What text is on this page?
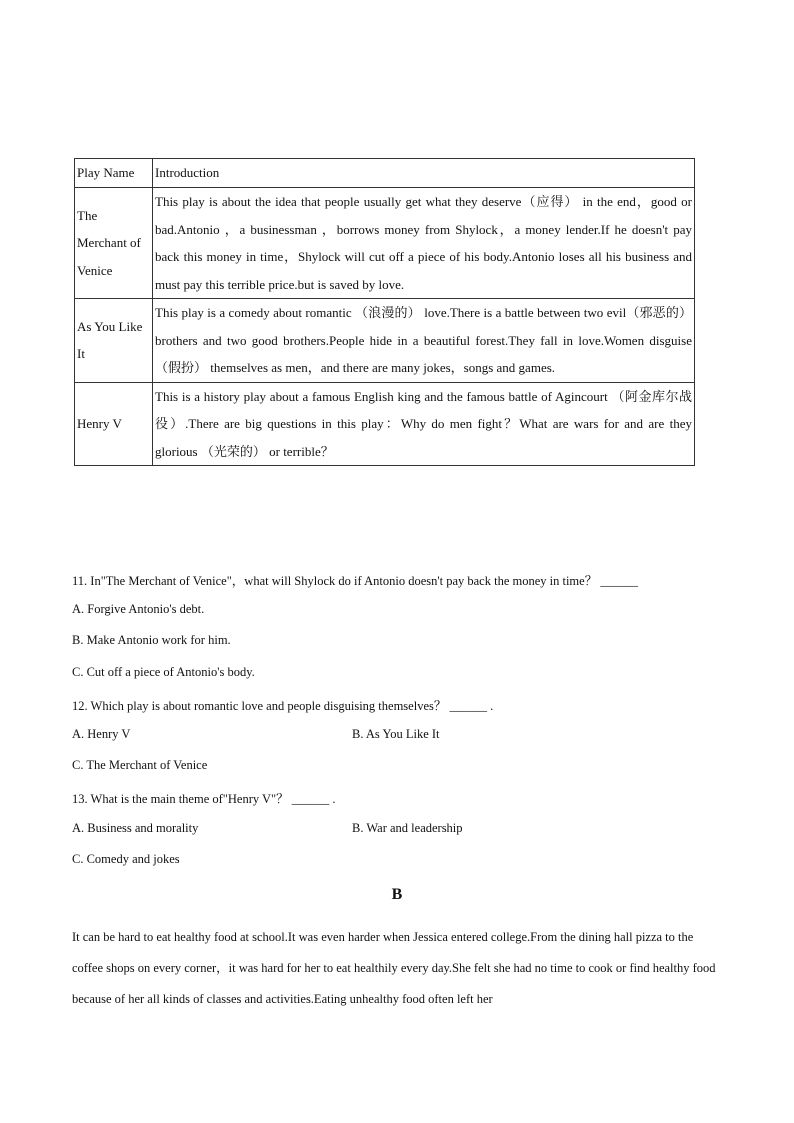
Play Name	Introduction
The Merchant of Venice	This play is about the idea that people usually get what they deserve（应得） in the end，good or bad.Antonio ，a businessman ，borrows money from Shylock，a money lender.If he doesn't pay back this money in time，Shylock will cut off a piece of his body.Antonio loses all his business and must pay this terrible price.but is saved by love.
As You Like It	This play is a comedy about romantic （浪漫的） love.There is a battle between two evil（邪恶的） brothers and two good brothers.People hide in a beautiful forest.They fall in love.Women disguise （假扮） themselves as men，and there are many jokes，songs and games.
Henry V	This is a history play about a famous English king and the famous battle of Agincourt （阿金库尔战役）.There are big questions in this play：Why do men fight？What are wars for and are they glorious （光荣的） or terrible？
11. In"The Merchant of Venice"，what will Shylock do if Antonio doesn't pay back the money in time？ ______
A. Forgive Antonio's debt.
B. Make Antonio work for him.
C. Cut off a piece of Antonio's body.
12. Which play is about romantic love and people disguising themselves？ ______ .
A. Henry V	B. As You Like It
C. The Merchant of Venice
13. What is the main theme of"Henry V"？ ______ .
A. Business and morality	B. War and leadership
C. Comedy and jokes
B
It can be hard to eat healthy food at school.It was even harder when Jessica entered college.From the dining hall pizza to the coffee shops on every corner，it was hard for her to eat healthily every day.She felt she had no time to cook or find healthy food because of her all kinds of classes and activities.Eating unhealthy food often left her
